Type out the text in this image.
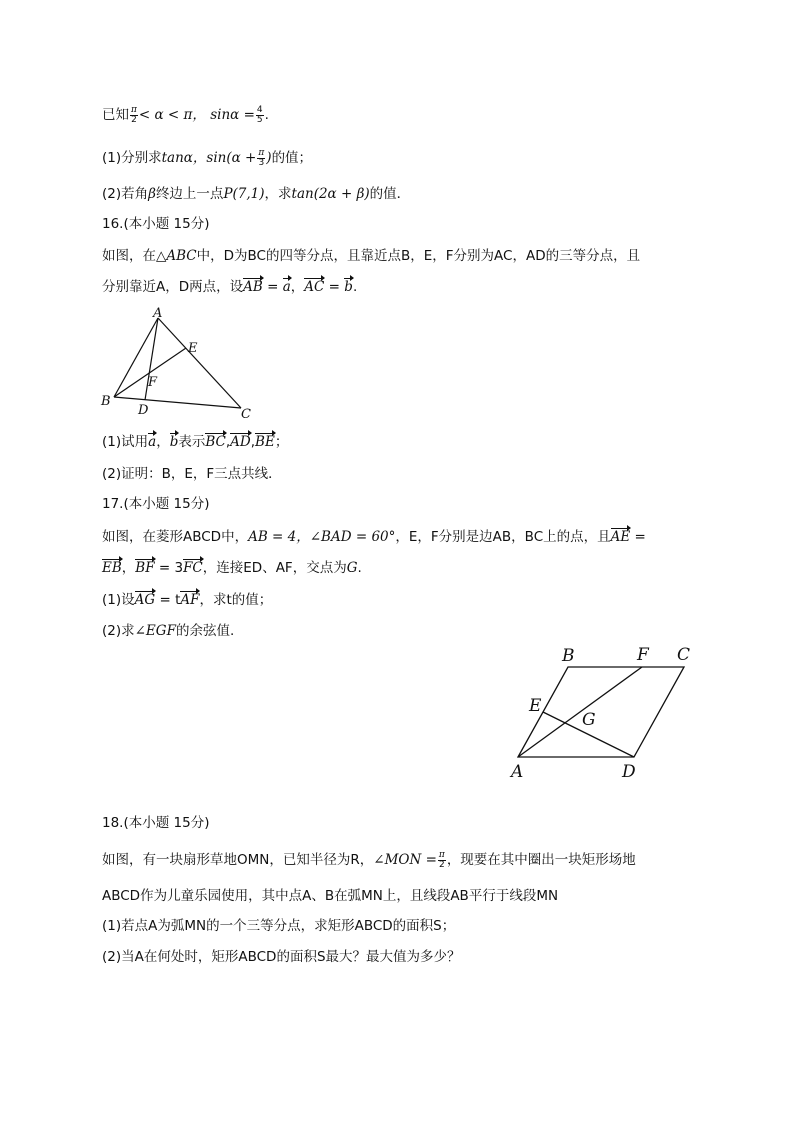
已知 $\frac{\pi}{2} < \alpha < \pi$， $\sin\alpha = \frac{4}{5}$ .
(1)分别求tanα，$\sin(\alpha + \frac{\pi}{3}$ )的值；
(2)若角β终边上一点P(7,1)，求tan(2α + β)的值．
16.(本小题 15分)
如图，在△ABC中，D为BC的四等分点，且靠近点B，E，F分别为AC，AD的三等分点，且
分别靠近A，D两点，设AB = a，AC = b.
A
E
F
B
D	C
(1)试用a，b表示BC,AD,BE；
(2)证明：B，E，F三点共线．
17.(本小题 15分)
如图，在菱形ABCD中，AB = 4，∠BAD = 60°，E，F分别是边AB，BC上的点，且AE =
EB，BF = 3FC，连接ED、AF，交点为G.
(1)设AG = tAF，求t的值；
(2)求∠EGF的余弦值.
B	F C
E
G
A	D
18.(本小题 15分)
如图，有一块扇形草地OMN，已知半径为R，∠MON = $\frac{\pi}{2}$ ，现要在其中圈出一块矩形场地
ABCD作为儿童乐园使用，其中点A、B在弧MN上，且线段AB平行于线段MN
(1)若点A为弧MN的一个三等分点，求矩形ABCD的面积S；
(2)当A在何处时，矩形ABCD的面积S最大？最大值为多少？
